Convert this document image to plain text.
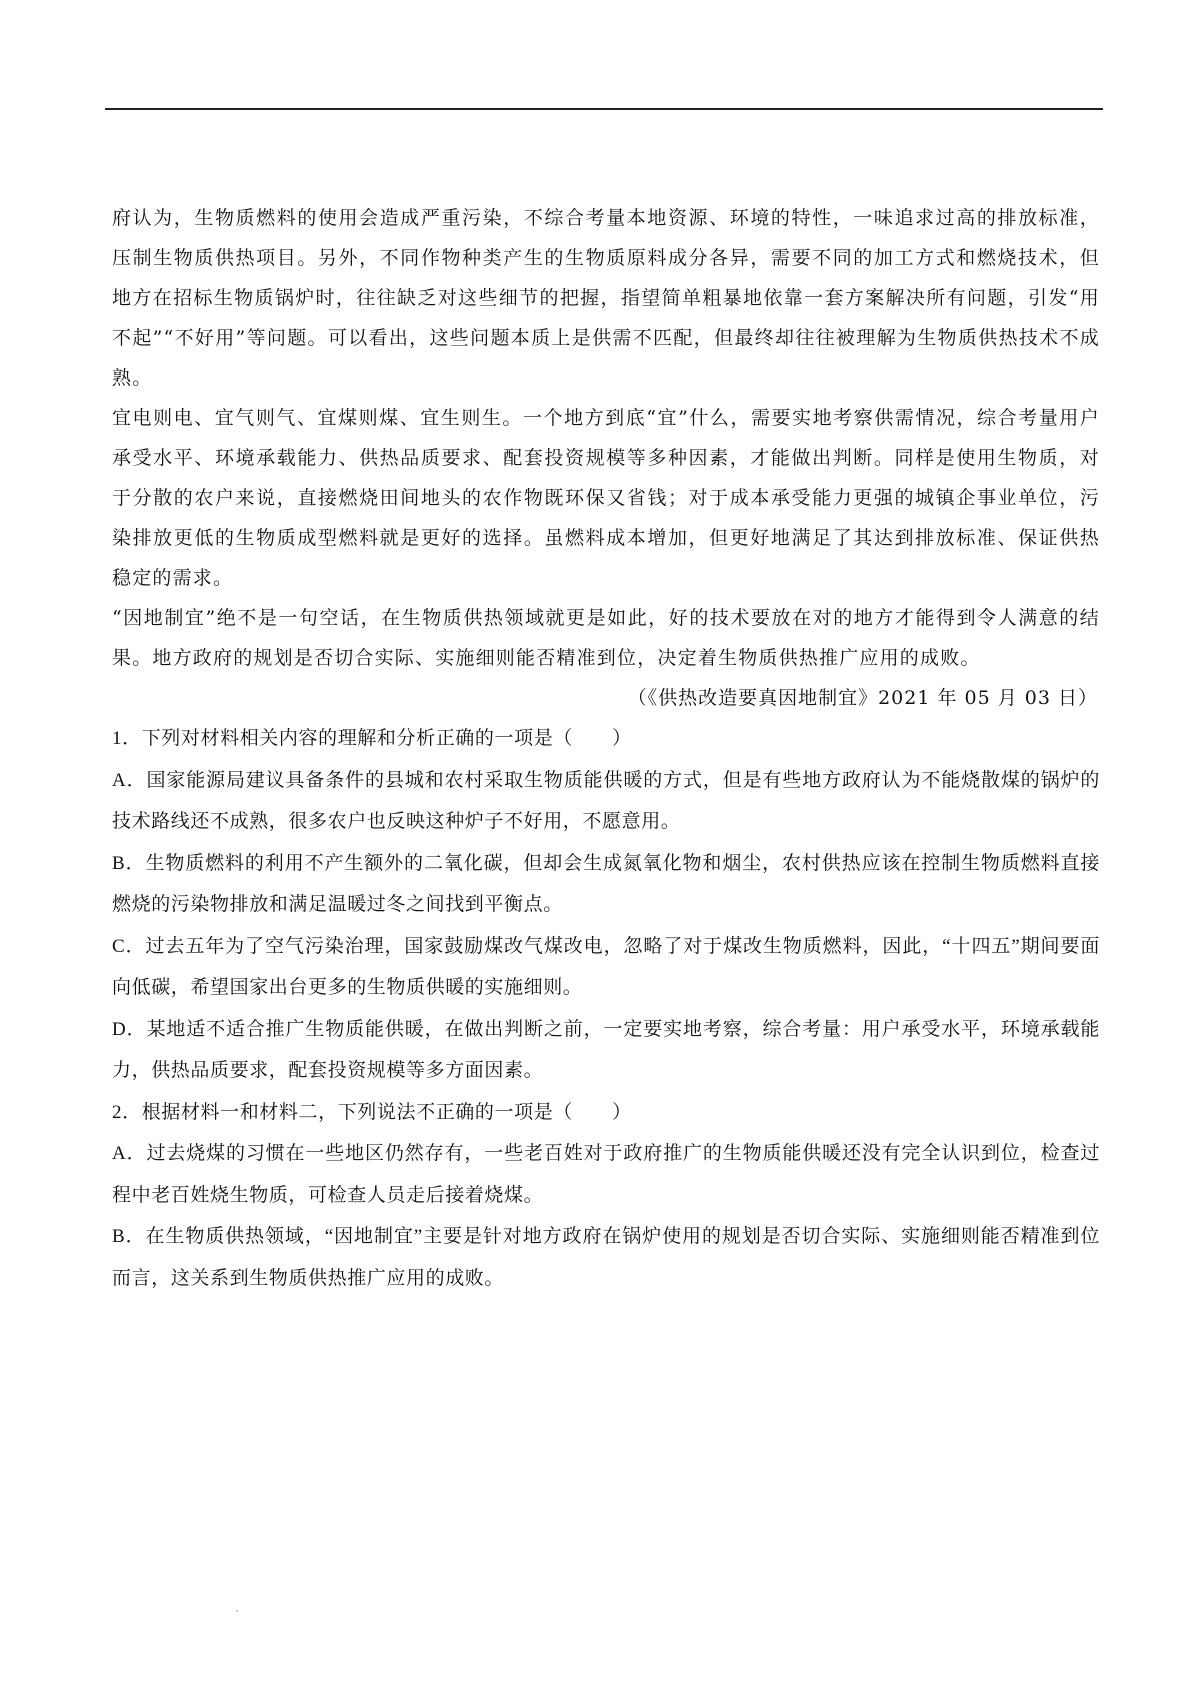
府认为，生物质燃料的使用会造成严重污染，不综合考量本地资源、环境的特性，一味追求过高的排放标准，压制生物质供热项目。另外，不同作物种类产生的生物质原料成分各异，需要不同的加工方式和燃烧技术，但地方在招标生物质锅炉时，往往缺乏对这些细节的把握，指望简单粗暴地依靠一套方案解决所有问题，引发“用不起”“不好用”等问题。可以看出，这些问题本质上是供需不匹配，但最终却往往被理解为生物质供热技术不成熟。

宜电则电、宜气则气、宜煤则煤、宜生则生。一个地方到底“宜”什么，需要实地考察供需情况，综合考量用户承受水平、环境承载能力、供热品质要求、配套投资规模等多种因素，才能做出判断。同样是使用生物质，对于分散的农户来说，直接燃烧田间地头的农作物既环保又省钱；对于成本承受能力更强的城镇企事业单位，污染排放更低的生物质成型燃料就是更好的选择。虽燃料成本增加，但更好地满足了其达到排放标准、保证供热稳定的需求。

“因地制宜”绝不是一句空话，在生物质供热领域就更是如此，好的技术要放在对的地方才能得到令人满意的结果。地方政府的规划是否切合实际、实施细则能否精准到位，决定着生物质供热推广应用的成败。

（《供热改造要真因地制宜》2021 年 05 月 03 日）

1．下列对材料相关内容的理解和分析正确的一项是（　　）

A．国家能源局建议具备条件的县城和农村采取生物质能供暖的方式，但是有些地方政府认为不能烧散煤的锅炉的技术路线还不成熟，很多农户也反映这种炉子不好用，不愿意用。

B．生物质燃料的利用不产生额外的二氧化碳，但却会生成氮氧化物和烟尘，农村供热应该在控制生物质燃料直接燃烧的污染物排放和满足温暖过冬之间找到平衡点。

C．过去五年为了空气污染治理，国家鼓励煤改气煤改电，忽略了对于煤改生物质燃料，因此，“十四五”期间要面向低碳，希望国家出台更多的生物质供暖的实施细则。

D．某地适不适合推广生物质能供暖，在做出判断之前，一定要实地考察，综合考量：用户承受水平，环境承载能力，供热品质要求，配套投资规模等多方面因素。

2．根据材料一和材料二，下列说法不正确的一项是（　　）

A．过去烧煤的习惯在一些地区仍然存有，一些老百姓对于政府推广的生物质能供暖还没有完全认识到位，检查过程中老百姓烧生物质，可检查人员走后接着烧煤。

B．在生物质供热领域，“因地制宜”主要是针对地方政府在锅炉使用的规划是否切合实际、实施细则能否精准到位而言，这关系到生物质供热推广应用的成败。
